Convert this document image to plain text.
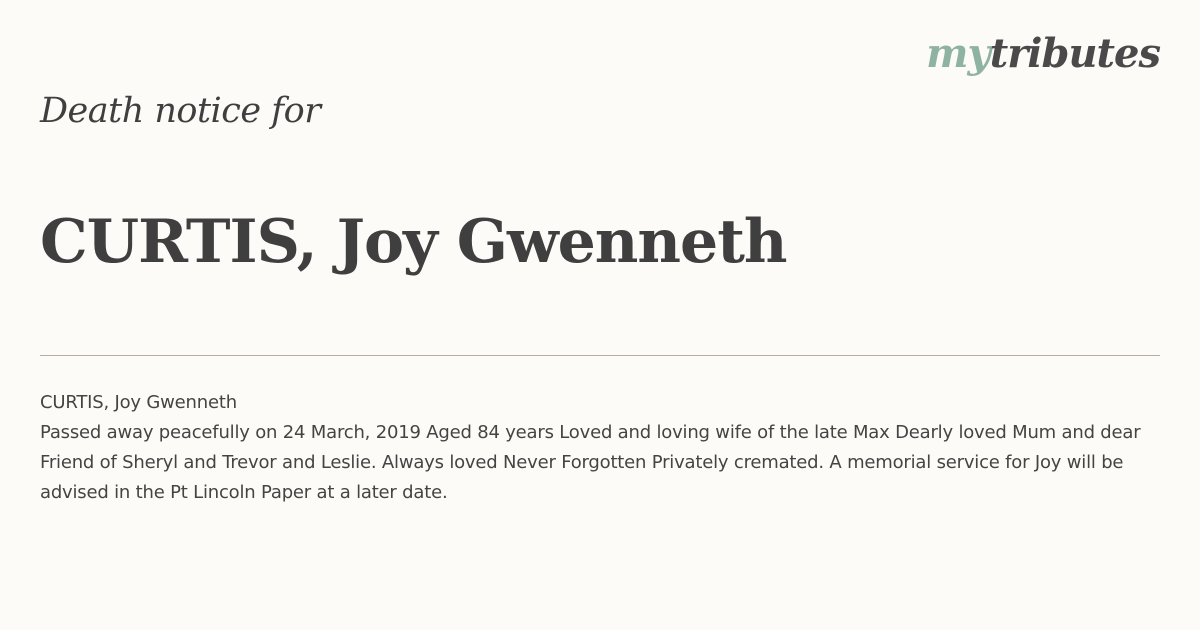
mytributes
Death notice for
CURTIS, Joy Gwenneth

CURTIS, Joy Gwenneth

Passed away peacefully on 24 March, 2019 Aged 84 years Loved and loving wife of the late Max Dearly loved Mum and dear Friend of Sheryl and Trevor and Leslie. Always loved Never Forgotten Privately cremated. A memorial service for Joy will be advised in the Pt Lincoln Paper at a later date.
